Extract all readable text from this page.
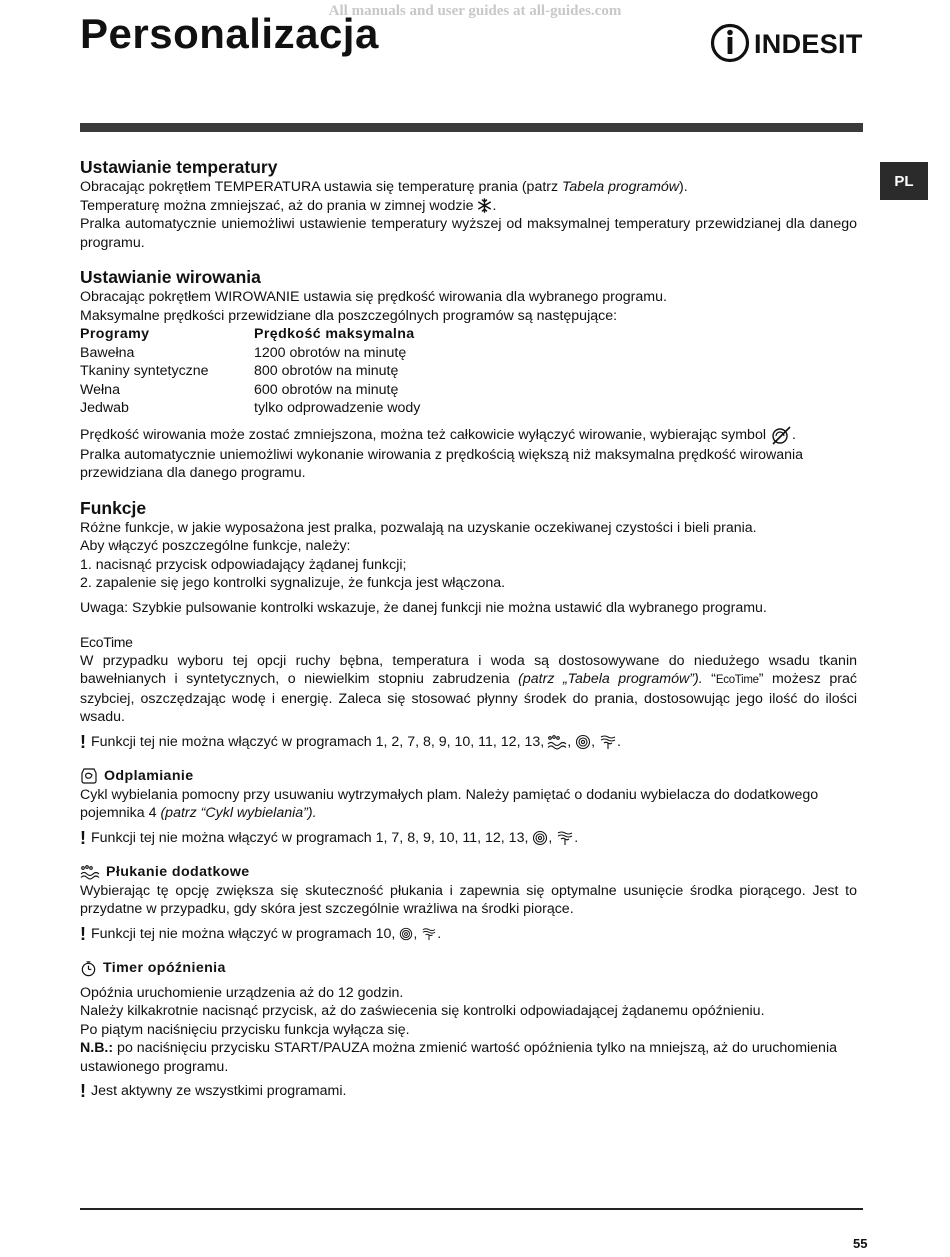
All manuals and user guides at all-guides.com
Personalizacja	INDESIT
PL
Ustawianie temperatury

Obracając pokrętłem TEMPERATURA ustawia się temperaturę prania (patrz Tabela programów).

Temperaturę można zmniejszać, aż do prania w zimnej wodzie .

Pralka automatycznie uniemożliwi ustawienie temperatury wyższej od maksymalnej temperatury przewidzianej dla danego programu.

Ustawianie wirowania

Obracając pokrętłem WIROWANIE ustawia się prędkość wirowania dla wybranego programu.

Maksymalne prędkości przewidziane dla poszczególnych programów są następujące:

Programy	Prędkość maksymalna
Bawełna	1200 obrotów na minutę
Tkaniny syntetyczne	800 obrotów na minutę
Wełna	600 obrotów na minutę
Jedwab	tylko odprowadzenie wody

Prędkość wirowania może zostać zmniejszona, można też całkowicie wyłączyć wirowanie, wybierając symbol .

Pralka automatycznie uniemożliwi wykonanie wirowania z prędkością większą niż maksymalna prędkość wirowania przewidziana dla danego programu.

Funkcje

Różne funkcje, w jakie wyposażona jest pralka, pozwalają na uzyskanie oczekiwanej czystości i bieli prania.

Aby włączyć poszczególne funkcje, należy:

1. nacisnąć przycisk odpowiadający żądanej funkcji;

2. zapalenie się jego kontrolki sygnalizuje, że funkcja jest włączona.

Uwaga: Szybkie pulsowanie kontrolki wskazuje, że danej funkcji nie można ustawić dla wybranego programu.

EcoTime

W przypadku wyboru tej opcji ruchy bębna, temperatura i woda są dostosowywane do niedużego wsadu tkanin bawełnianych i syntetycznych, o niewielkim stopniu zabrudzenia (patrz „Tabela programów”). “EcoTime” możesz prać szybciej, oszczędzając wodę i energię. Zaleca się stosować płynny środek do prania, dostosowując jego ilość do ilości wsadu.

! Funkcji tej nie można włączyć w programach 1, 2, 7, 8, 9, 10, 11, 12, 13, , , .
Odplamianie

Cykl wybielania pomocny przy usuwaniu wytrzymałych plam. Należy pamiętać o dodaniu wybielacza do dodatkowego pojemnika 4 (patrz “Cykl wybielania”).

! Funkcji tej nie można włączyć w programach 1, 7, 8, 9, 10, 11, 12, 13, , .
Płukanie dodatkowe

Wybierając tę opcję zwiększa się skuteczność płukania i zapewnia się optymalne usunięcie środka piorącego. Jest to przydatne w przypadku, gdy skóra jest szczególnie wrażliwa na środki piorące.

! Funkcji tej nie można włączyć w programach 10, , .
Timer opóźnienia

Opóźnia uruchomienie urządzenia aż do 12 godzin.

Należy kilkakrotnie nacisnąć przycisk, aż do zaświecenia się kontrolki odpowiadającej żądanemu opóźnieniu.

Po piątym naciśnięciu przycisku funkcja wyłącza się.

N.B.: po naciśnięciu przycisku START/PAUZA można zmienić wartość opóźnienia tylko na mniejszą, aż do uruchomienia ustawionego programu.

! Jest aktywny ze wszystkimi programami.
55
